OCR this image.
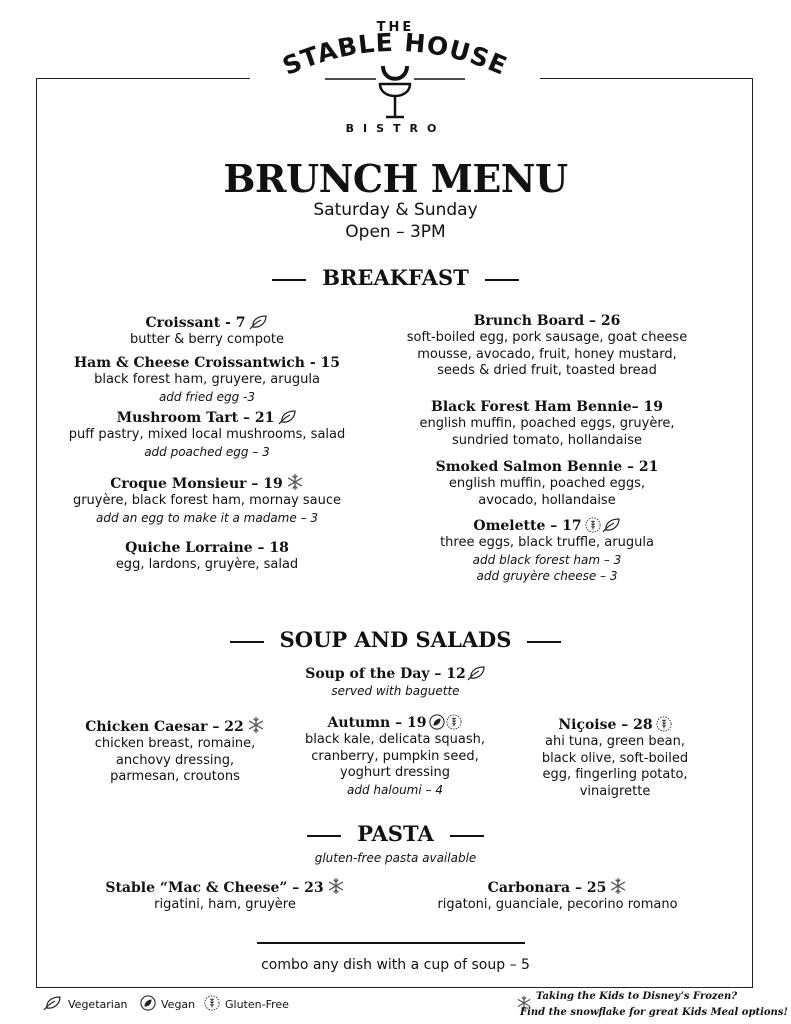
THE
STABLE HOUSE
BISTRO
BRUNCH MENU
Saturday & Sunday
Open – 3PM
BREAKFAST
Croissant - 7
butter & berry compote
Ham & Cheese Croissantwich - 15
black forest ham, gruyere, arugula
add fried egg -3
Mushroom Tart – 21
puff pastry, mixed local mushrooms, salad
add poached egg – 3
Croque Monsieur – 19
gruyère, black forest ham, mornay sauce
add an egg to make it a madame – 3
Quiche Lorraine – 18
egg, lardons, gruyère, salad
Brunch Board – 26
soft-boiled egg, pork sausage, goat cheese
mousse, avocado, fruit, honey mustard,
seeds & dried fruit, toasted bread
Black Forest Ham Bennie– 19
english muffin, poached eggs, gruyère,
sundried tomato, hollandaise
Smoked Salmon Bennie – 21
english muffin, poached eggs,
avocado, hollandaise
Omelette – 17
three eggs, black truffle, arugula
add black forest ham – 3
add gruyère cheese – 3
SOUP AND SALADS
Soup of the Day – 12
served with baguette
Chicken Caesar – 22
chicken breast, romaine,
anchovy dressing,
parmesan, croutons
Autumn – 19
black kale, delicata squash,
cranberry, pumpkin seed,
yoghurt dressing
add haloumi – 4
Niçoise – 28
ahi tuna, green bean,
black olive, soft-boiled
egg, fingerling potato,
vinaigrette
PASTA
gluten-free pasta available
Stable “Mac & Cheese” – 23
rigatini, ham, gruyère
Carbonara – 25
rigatoni, guanciale, pecorino romano
combo any dish with a cup of soup – 5
Vegetarian	Vegan	Gluten-Free
Taking the Kids to Disney’s Frozen?
Find the snowflake for great Kids Meal options!
